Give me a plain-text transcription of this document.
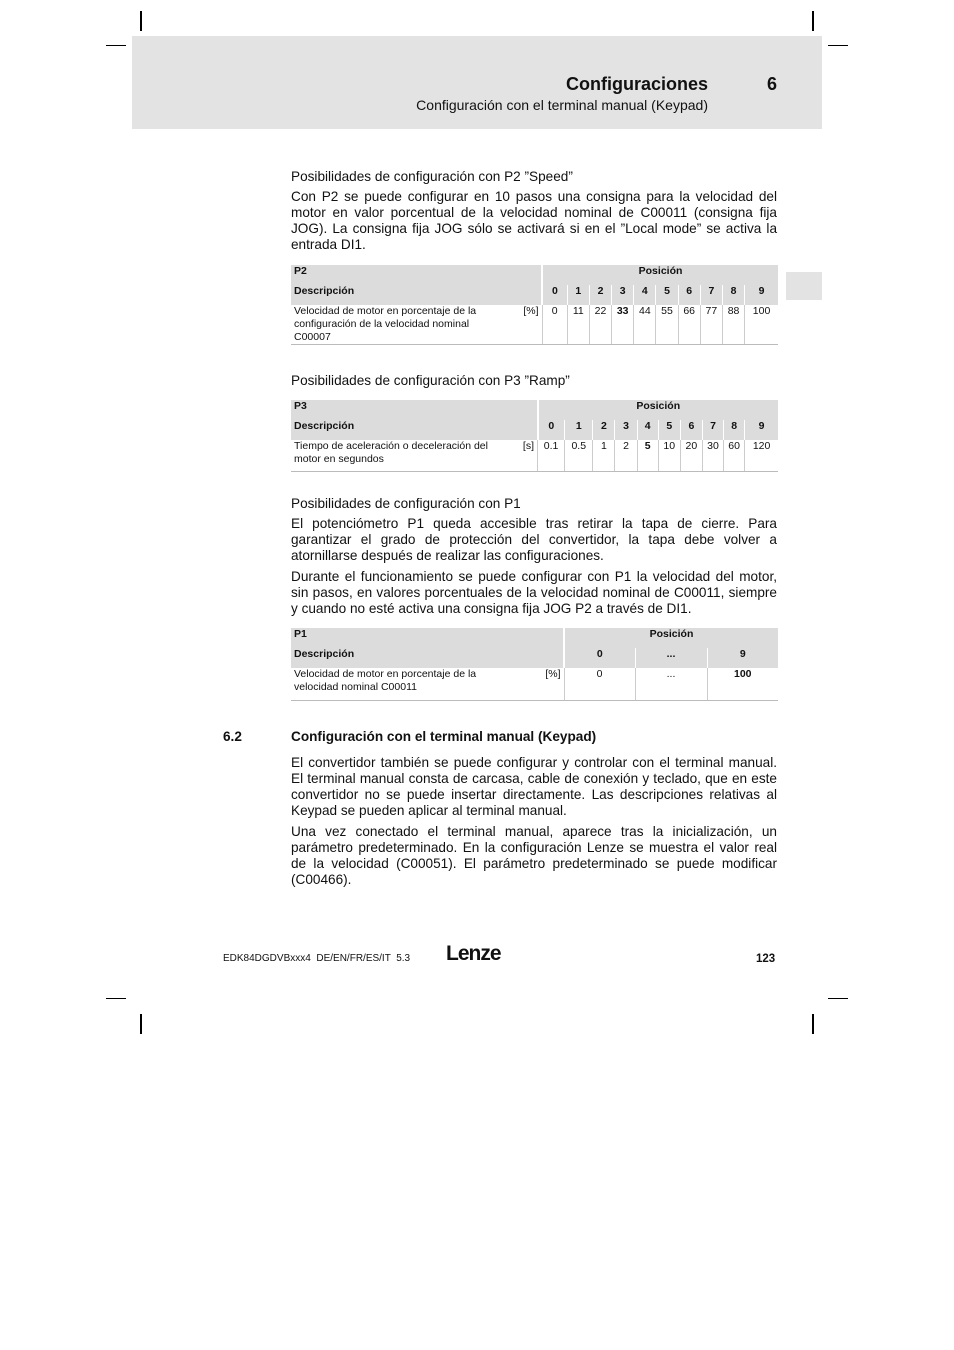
Configuraciones	6
Configuración con el terminal manual (Keypad)
Posibilidades de configuración con P2 ”Speed”

Con P2 se puede configurar en 10 pasos una consigna para la velocidad del motor en valor porcentual de la velocidad nominal de C00011 (consigna fija JOG). La consigna fija JOG sólo se activará si en el ”Local mode” se activa la entrada DI1.

P2		Posición									
Descripción		0	1	2	3	4	5	6	7	8	9
Velocidad de motor en porcentaje de la configuración de la velocidad nominal C00007	[%]	0	11	22	33	44	55	66	77	88	100
Posibilidades de configuración con P3 ”Ramp”
P3		Posición									
Descripción		0	1	2	3	4	5	6	7	8	9
Tiempo de aceleración o deceleración del motor en segundos	[s]	0.1	0.5	1	2	5	10	20	30	60	120
Posibilidades de configuración con P1

El potenciómetro P1 queda accesible tras retirar la tapa de cierre. Para garantizar el grado de protección del convertidor, la tapa debe volver a atornillarse después de realizar las configuraciones.

Durante el funcionamiento se puede configurar con P1 la velocidad del motor, sin pasos, en valores porcentuales de la velocidad nominal de C00011, siempre y cuando no esté activa una consigna fija JOG P2 a través de DI1.

P1		Posición		
Descripción		0	...	9
Velocidad de motor en porcentaje de la velocidad nominal C00011	[%]	0	...	100
6.2	Configuración con el terminal manual (Keypad)

El convertidor también se puede configurar y controlar con el terminal manual. El terminal manual consta de carcasa, cable de conexión y teclado, que en este convertidor no se puede insertar directamente. Las descripciones relativas al Keypad se pueden aplicar al terminal manual.

Una vez conectado el terminal manual, aparece tras la inicialización, un parámetro predeterminado. En la configuración Lenze se muestra el valor real de la velocidad (C00051). El parámetro predeterminado se puede modificar (C00466).

EDK84DGDVBxxx4  DE/EN/FR/ES/IT  5.3 Lenze	123
